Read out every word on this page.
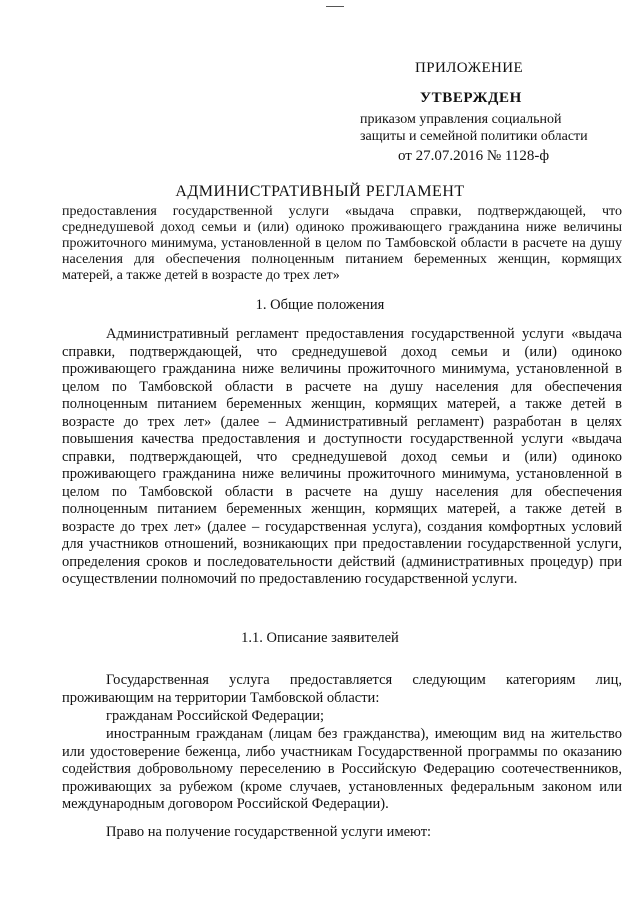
ПРИЛОЖЕНИЕ
УТВЕРЖДЕН
приказом управления социальной
защиты и семейной политики области
от 27.07.2016 № 1128-ф
АДМИНИСТРАТИВНЫЙ РЕГЛАМЕНТ
предоставления государственной услуги «выдача справки, подтверждающей, что среднедушевой доход семьи и (или) одиноко проживающего гражданина ниже величины прожиточного минимума, установленной в целом по Тамбовской области в расчете на душу населения для обеспечения полноценным питанием беременных женщин, кормящих матерей, а также детей в возрасте до трех лет»
1. Общие положения
Административный регламент предоставления государственной услуги «выдача справки, подтверждающей, что среднедушевой доход семьи и (или) одиноко проживающего гражданина ниже величины прожиточного минимума, установленной в целом по Тамбовской области в расчете на душу населения для обеспечения полноценным питанием беременных женщин, кормящих матерей, а также детей в возрасте до трех лет» (далее – Административный регламент) разработан в целях повышения качества предоставления и доступности государственной услуги «выдача справки, подтверждающей, что среднедушевой доход семьи и (или) одиноко проживающего гражданина ниже величины прожиточного минимума, установленной в целом по Тамбовской области в расчете на душу населения для обеспечения полноценным питанием беременных женщин, кормящих матерей, а также детей в возрасте до трех лет» (далее – государственная услуга), создания комфортных условий для участников отношений, возникающих при предоставлении государственной услуги, определения сроков и последовательности действий (административных процедур) при осуществлении полномочий по предоставлению государственной услуги.
1.1. Описание заявителей
Государственная услуга предоставляется следующим категориям лиц, проживающим на территории Тамбовской области:
гражданам Российской Федерации;
иностранным гражданам (лицам без гражданства), имеющим вид на жительство или удостоверение беженца, либо участникам Государственной программы по оказанию содействия добровольному переселению в Российскую Федерацию соотечественников, проживающих за рубежом (кроме случаев, установленных федеральным законом или международным договором Российской Федерации).
Право на получение государственной услуги имеют:
